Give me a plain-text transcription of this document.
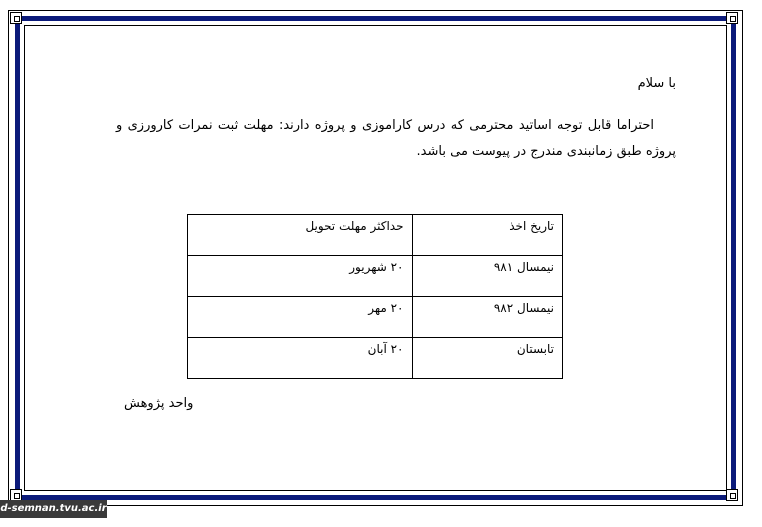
با سلام
احتراما قابل توجه اساتید محترمی که درس کاراموزی و پروژه دارند: مهلت ثبت نمرات کارورزی و پروژه طبق زمانبندی مندرج در پیوست می باشد.
تاریخ اخذ	حداکثر مهلت تحویل
نیمسال ۹۸۱	۲۰ شهریور
نیمسال ۹۸۲	۲۰ مهر
تابستان	۲۰ آبان
واحد پژوهش
d-semnan.tvu.ac.ir
